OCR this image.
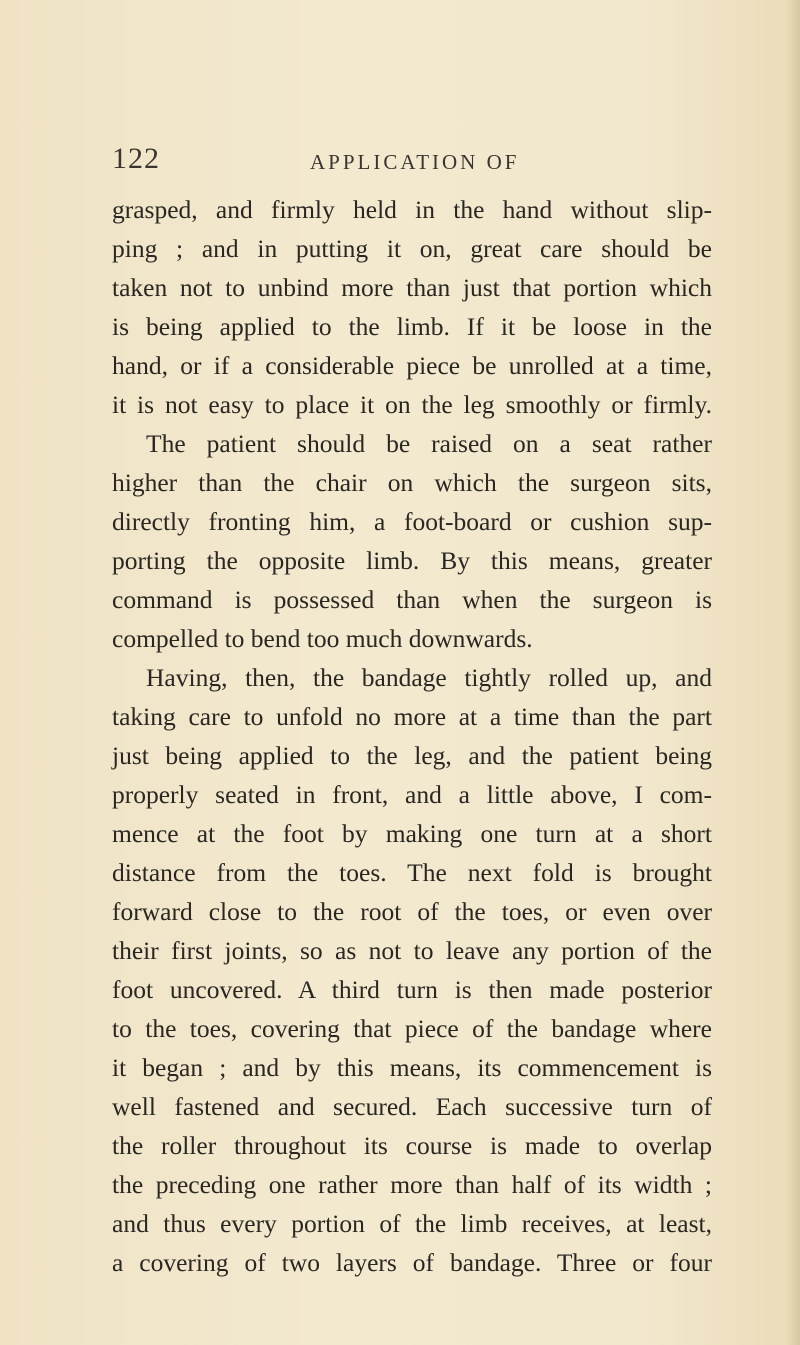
122	APPLICATION OF
grasped, and firmly held in the hand without slip-
ping ; and in putting it on, great care should be
taken not to unbind more than just that portion which
is being applied to the limb. If it be loose in the
hand, or if a considerable piece be unrolled at a time,
it is not easy to place it on the leg smoothly or firmly.
The patient should be raised on a seat rather
higher than the chair on which the surgeon sits,
directly fronting him, a foot-board or cushion sup-
porting the opposite limb. By this means, greater
command is possessed than when the surgeon is
compelled to bend too much downwards.
Having, then, the bandage tightly rolled up, and
taking care to unfold no more at a time than the part
just being applied to the leg, and the patient being
properly seated in front, and a little above, I com-
mence at the foot by making one turn at a short
distance from the toes. The next fold is brought
forward close to the root of the toes, or even over
their first joints, so as not to leave any portion of the
foot uncovered. A third turn is then made posterior
to the toes, covering that piece of the bandage where
it began ; and by this means, its commencement is
well fastened and secured. Each successive turn of
the roller throughout its course is made to overlap
the preceding one rather more than half of its width ;
and thus every portion of the limb receives, at least,
a covering of two layers of bandage. Three or four
